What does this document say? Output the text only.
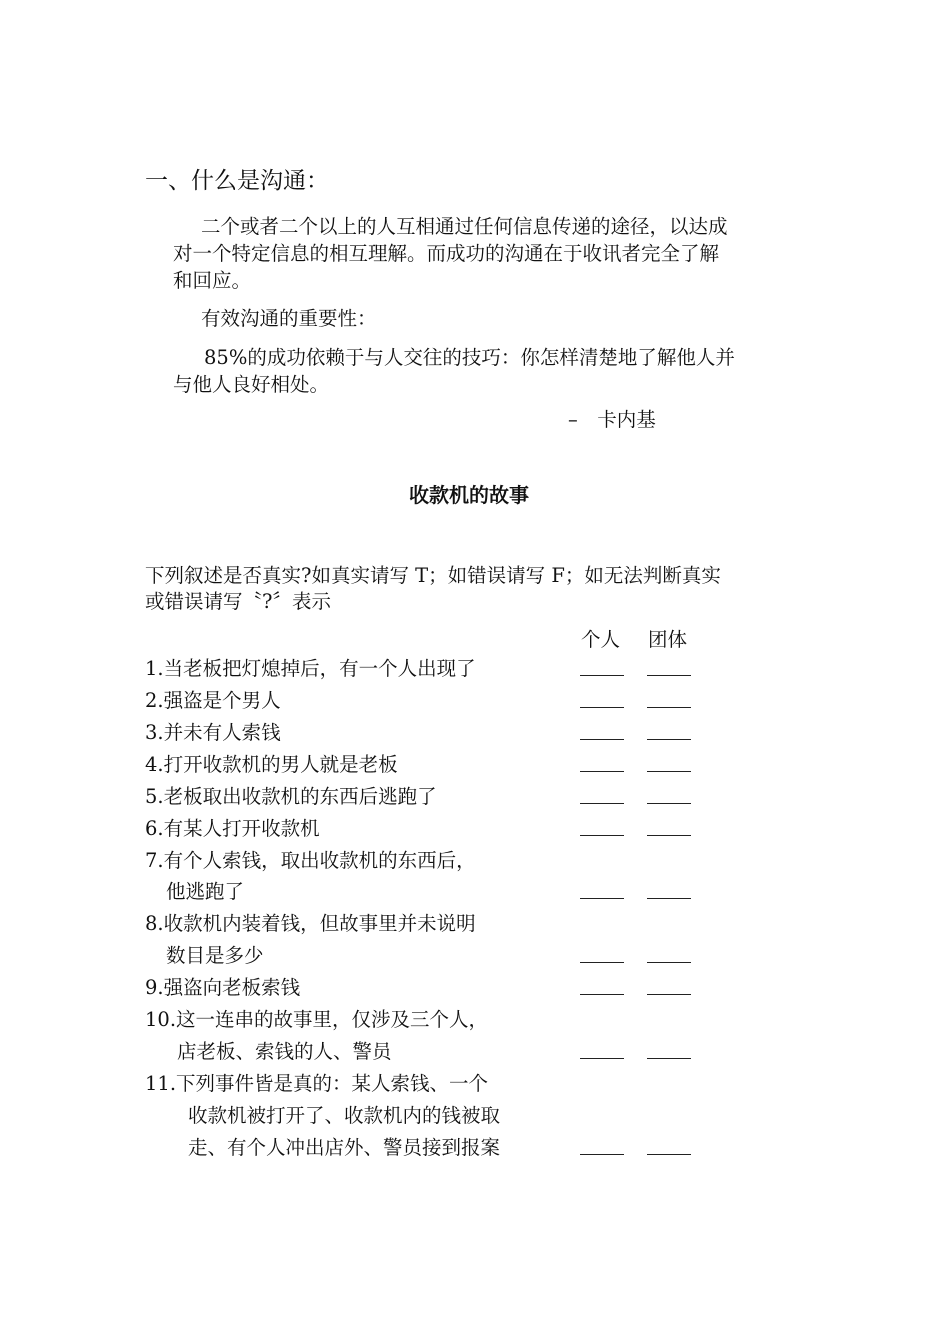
一、什么是沟通：
二个或者二个以上的人互相通过任何信息传递的途径，以达成
对一个特定信息的相互理解。而成功的沟通在于收讯者完全了解
和回应。
有效沟通的重要性：
85%的成功依赖于与人交往的技巧：你怎样清楚地了解他人并
与他人良好相处。
–　卡内基
收款机的故事
下列叙述是否真实?如真实请写 T；如错误请写 F；如无法判断真实
或错误请写〝?〞表示
个人 团体
1.当老板把灯熄掉后，有一个人出现了
2.强盗是个男人
3.并未有人索钱
4.打开收款机的男人就是老板
5.老板取出收款机的东西后逃跑了
6.有某人打开收款机
7.有个人索钱，取出收款机的东西后，
他逃跑了
8.收款机内装着钱，但故事里并未说明
数目是多少
9.强盗向老板索钱
10.这一连串的故事里，仅涉及三个人，
店老板、索钱的人、警员
11.下列事件皆是真的：某人索钱、一个
收款机被打开了、收款机内的钱被取
走、有个人冲出店外、警员接到报案
